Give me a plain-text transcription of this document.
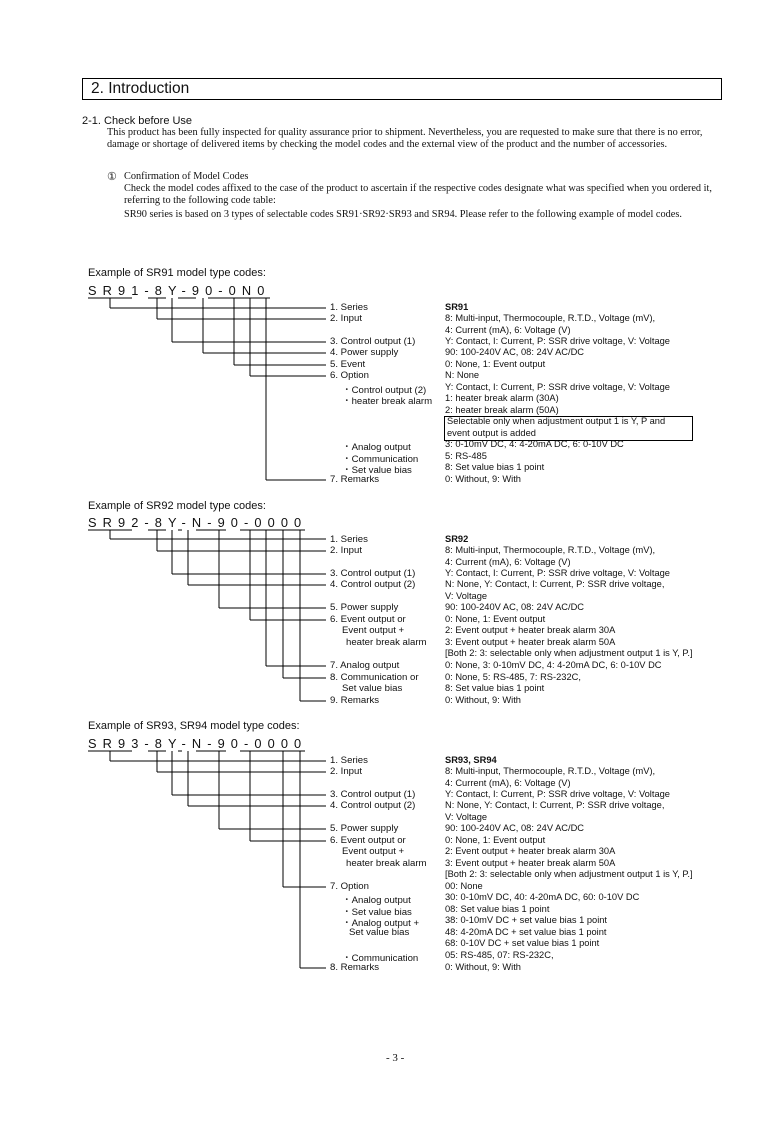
2. Introduction
2-1. Check before Use
This product has been fully inspected for quality assurance prior to shipment. Nevertheless, you are requested to make sure that there is no error, damage or shortage of delivered items by checking the model codes and the external view of the product and the number of accessories.
① Confirmation of Model Codes
Check the model codes affixed to the case of the product to ascertain if the respective codes designate what was specified when you ordered it, referring to the following code table:
SR90 series is based on 3 types of selectable codes SR91·SR92·SR93 and SR94. Please refer to the following example of model codes.
Example of SR91 model type codes:
SR91-8Y-90-0N0
1. Series
2. Input
3. Control output (1)
4. Power supply
5. Event
6. Option
・Control output (2)
・heater break alarm
・Analog output
・Communication
・Set value bias
7. Remarks
SR91
8: Multi-input, Thermocouple, R.T.D., Voltage (mV),
4: Current (mA), 6: Voltage (V)
Y: Contact, I: Current, P: SSR drive voltage, V: Voltage
90: 100-240V AC, 08: 24V AC/DC
0: None, 1: Event output
N: None
Y: Contact, I: Current, P: SSR drive voltage, V: Voltage
1: heater break alarm (30A)
2: heater break alarm (50A)
Selectable only when adjustment output 1 is Y, P and
event output is added
3: 0-10mV DC, 4: 4-20mA DC, 6: 0-10V DC
5: RS-485
8: Set value bias 1 point
0: Without, 9: With
Example of SR92 model type codes:
SR92-8Y-N-90-0000
1. Series
2. Input
3. Control output (1)
4. Control output (2)
5. Power supply
6. Event output or
Event output +
heater break alarm
7. Analog output
8. Communication or
Set value bias
9. Remarks
SR92
8: Multi-input, Thermocouple, R.T.D., Voltage (mV),
4: Current (mA), 6: Voltage (V)
Y: Contact, I: Current, P: SSR drive voltage, V: Voltage
N: None, Y: Contact, I: Current, P: SSR drive voltage,
V: Voltage
90: 100-240V AC, 08: 24V AC/DC
0: None, 1: Event output
2: Event output + heater break alarm 30A
3: Event output + heater break alarm 50A
[Both 2: 3: selectable only when adjustment output 1 is Y, P.]
0: None, 3: 0-10mV DC, 4: 4-20mA DC, 6: 0-10V DC
0: None, 5: RS-485, 7: RS-232C,
8: Set value bias 1 point
0: Without, 9: With
Example of SR93, SR94 model type codes:
SR93-8Y-N-90-0000
1. Series
2. Input
3. Control output (1)
4. Control output (2)
5. Power supply
6. Event output or
Event output +
heater break alarm
7. Option
・Analog output
・Set value bias
・Analog output +
Set value bias
・Communication
8. Remarks
SR93, SR94
8: Multi-input, Thermocouple, R.T.D., Voltage (mV),
4: Current (mA), 6: Voltage (V)
Y: Contact, I: Current, P: SSR drive voltage, V: Voltage
N: None, Y: Contact, I: Current, P: SSR drive voltage,
V: Voltage
90: 100-240V AC, 08: 24V AC/DC
0: None, 1: Event output
2: Event output + heater break alarm 30A
3: Event output + heater break alarm 50A
[Both 2: 3: selectable only when adjustment output 1 is Y, P.]
00: None
30: 0-10mV DC, 40: 4-20mA DC, 60: 0-10V DC
08: Set value bias 1 point
38: 0-10mV DC + set value bias 1 point
48: 4-20mA DC + set value bias 1 point
68: 0-10V DC + set value bias 1 point
05: RS-485, 07: RS-232C,
0: Without, 9: With
- 3 -
